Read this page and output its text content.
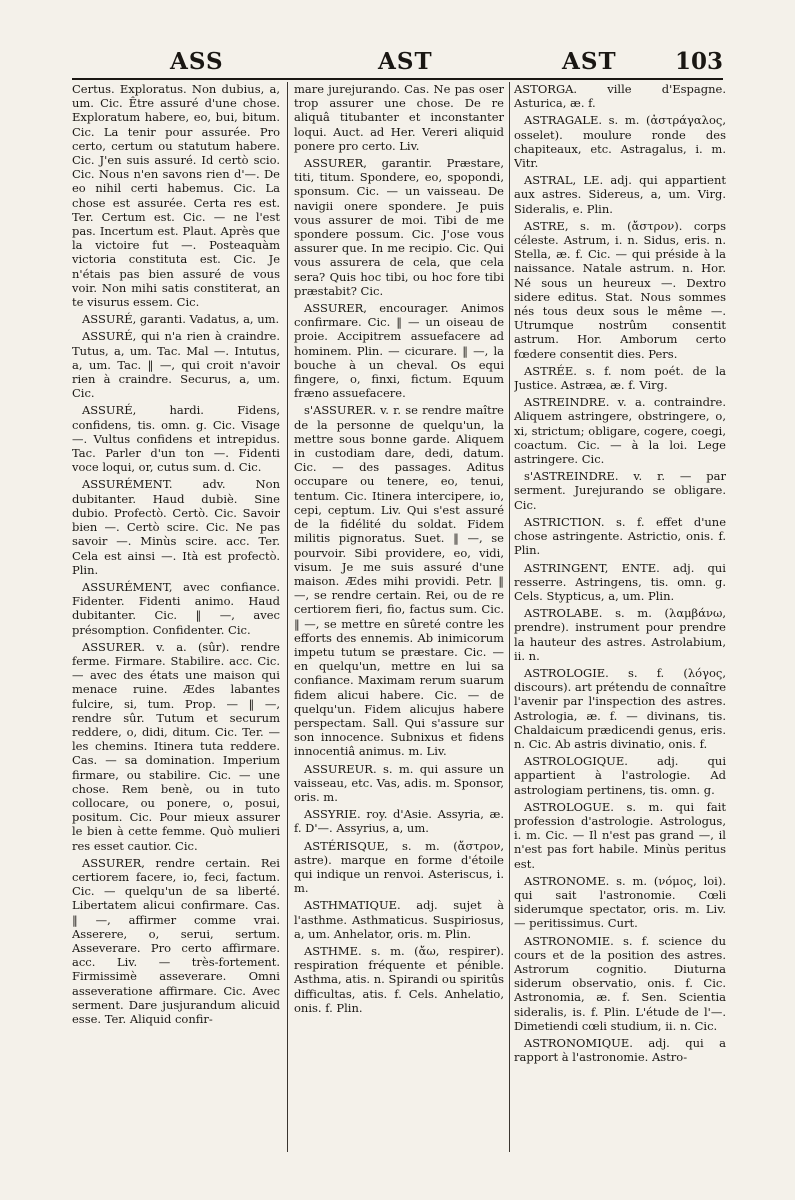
ASS	AST	AST	103

Certus. Exploratus. Non dubius, a, um. Cic. Être assuré d'une chose. Exploratum habere, eo, bui, bitum. Cic. La tenir pour assurée. Pro certo, certum ou statutum habere. Cic. J'en suis assuré. Id certò scio. Cic. Nous n'en savons rien d'—. De eo nihil certi habemus. Cic. La chose est assurée. Certa res est. Ter. Certum est. Cic. — ne l'est pas. Incertum est. Plaut. Après que la victoire fut —. Posteaquàm victoria constituta est. Cic. Je n'étais pas bien assuré de vous voir. Non mihi satis constiterat, an te visurus essem. Cic.

ASSURÉ, garanti. Vadatus, a, um.

ASSURÉ, qui n'a rien à craindre. Tutus, a, um. Tac. Mal —. Intutus, a, um. Tac. ‖ —, qui croit n'avoir rien à craindre. Securus, a, um. Cic.

ASSURÉ, hardi. Fidens, confidens, tis. omn. g. Cic. Visage —. Vultus confidens et intrepidus. Tac. Parler d'un ton —. Fidenti voce loqui, or, cutus sum. d. Cic.

ASSURÉMENT. adv. Non dubitanter. Haud dubiè. Sine dubio. Profectò. Certò. Cic. Savoir bien —. Certò scire. Cic. Ne pas savoir —. Minùs scire. acc. Ter. Cela est ainsi —. Ità est profectò. Plin.

ASSURÉMENT, avec confiance. Fidenter. Fidenti animo. Haud dubitanter. Cic. ‖ —, avec présomption. Confidenter. Cic.

ASSURER. v. a. (sûr). rendre ferme. Firmare. Stabilire. acc. Cic. — avec des états une maison qui menace ruine. Ædes labantes fulcire, si, tum. Prop. — ‖ —, rendre sûr. Tutum et securum reddere, o, didi, ditum. Cic. Ter. — les chemins. Itinera tuta reddere. Cas. — sa domination. Imperium firmare, ou stabilire. Cic. — une chose. Rem benè, ou in tuto collocare, ou ponere, o, posui, positum. Cic. Pour mieux assurer le bien à cette femme. Quò mulieri res esset cautior. Cic.

ASSURER, rendre certain. Rei certiorem facere, io, feci, factum. Cic. — quelqu'un de sa liberté. Libertatem alicui confirmare. Cas. ‖ —, affirmer comme vrai. Asserere, o, serui, sertum. Asseverare. Pro certo affirmare. acc. Liv. — très-fortement. Firmissimè asseverare. Omni asseveratione affirmare. Cic. Avec serment. Dare jusjurandum alicuid esse. Ter. Aliquid confir-

mare jurejurando. Cas. Ne pas oser trop assurer une chose. De re aliquâ titubanter et inconstanter loqui. Auct. ad Her. Vereri aliquid ponere pro certo. Liv.

ASSURER, garantir. Præstare, titi, titum. Spondere, eo, spopondi, sponsum. Cic. — un vaisseau. De navigii onere spondere. Je puis vous assurer de moi. Tibi de me spondere possum. Cic. J'ose vous assurer que. In me recipio. Cic. Qui vous assurera de cela, que cela sera? Quis hoc tibi, ou hoc fore tibi præstabit? Cic.

ASSURER, encourager. Animos confirmare. Cic. ‖ — un oiseau de proie. Accipitrem assuefacere ad hominem. Plin. — cicurare. ‖ —, la bouche à un cheval. Os equi fingere, o, finxi, fictum. Equum fræno assuefacere.

s'ASSURER. v. r. se rendre maître de la personne de quelqu'un, la mettre sous bonne garde. Aliquem in custodiam dare, dedi, datum. Cic. — des passages. Aditus occupare ou tenere, eo, tenui, tentum. Cic. Itinera intercipere, io, cepi, ceptum. Liv. Qui s'est assuré de la fidélité du soldat. Fidem militis pignoratus. Suet. ‖ —, se pourvoir. Sibi providere, eo, vidi, visum. Je me suis assuré d'une maison. Ædes mihi providi. Petr. ‖ —, se rendre certain. Rei, ou de re certiorem fieri, fio, factus sum. Cic. ‖ —, se mettre en sûreté contre les efforts des ennemis. Ab inimicorum impetu tutum se præstare. Cic. — en quelqu'un, mettre en lui sa confiance. Maximam rerum suarum fidem alicui habere. Cic. — de quelqu'un. Fidem alicujus habere perspectam. Sall. Qui s'assure sur son innocence. Subnixus et fidens innocentiâ animus. m. Liv.

ASSUREUR. s. m. qui assure un vaisseau, etc. Vas, adis. m. Sponsor, oris. m.

ASSYRIE. roy. d'Asie. Assyria, æ. f. D'—. Assyrius, a, um.

ASTÉRISQUE, s. m. (ἄστρον, astre). marque en forme d'étoile qui indique un renvoi. Asteriscus, i. m.

ASTHMATIQUE. adj. sujet à l'asthme. Asthmaticus. Suspiriosus, a, um. Anhelator, oris. m. Plin.

ASTHME. s. m. (ἄω, respirer). respiration fréquente et pénible. Asthma, atis. n. Spirandi ou spiritûs difficultas, atis. f. Cels. Anhelatio, onis. f. Plin.

ASTORGA. ville d'Espagne. Asturica, æ. f.

ASTRAGALE. s. m. (ἀστράγαλος, osselet). moulure ronde des chapiteaux, etc. Astragalus, i. m. Vitr.

ASTRAL, LE. adj. qui appartient aux astres. Sidereus, a, um. Virg. Sideralis, e. Plin.

ASTRE, s. m. (ἄστρον). corps céleste. Astrum, i. n. Sidus, eris. n. Stella, æ. f. Cic. — qui préside à la naissance. Natale astrum. n. Hor. Né sous un heureux —. Dextro sidere editus. Stat. Nous sommes nés tous deux sous le même —. Utrumque nostrûm consentit astrum. Hor. Amborum certo fœdere consentit dies. Pers.

ASTRÉE. s. f. nom poét. de la Justice. Astræa, æ. f. Virg.

ASTREINDRE. v. a. contraindre. Aliquem astringere, obstringere, o, xi, strictum; obligare, cogere, coegi, coactum. Cic. — à la loi. Lege astringere. Cic.

s'ASTREINDRE. v. r. — par serment. Jurejurando se obligare. Cic.

ASTRICTION. s. f. effet d'une chose astringente. Astrictio, onis. f. Plin.

ASTRINGENT, ENTE. adj. qui resserre. Astringens, tis. omn. g. Cels. Stypticus, a, um. Plin.

ASTROLABE. s. m. (λαμβάνω, prendre). instrument pour prendre la hauteur des astres. Astrolabium, ii. n.

ASTROLOGIE. s. f. (λόγος, discours). art prétendu de connaître l'avenir par l'inspection des astres. Astrologia, æ. f. — divinans, tis. Chaldaicum prædicendi genus, eris. n. Cic. Ab astris divinatio, onis. f.

ASTROLOGIQUE. adj. qui appartient à l'astrologie. Ad astrologiam pertinens, tis. omn. g.

ASTROLOGUE. s. m. qui fait profession d'astrologie. Astrologus, i. m. Cic. — Il n'est pas grand —, il n'est pas fort habile. Minùs peritus est.

ASTRONOME. s. m. (νόμος, loi). qui sait l'astronomie. Cœli siderumque spectator, oris. m. Liv. — peritissimus. Curt.

ASTRONOMIE. s. f. science du cours et de la position des astres. Astrorum cognitio. Diuturna siderum observatio, onis. f. Cic. Astronomia, æ. f. Sen. Scientia sideralis, is. f. Plin. L'étude de l'—. Dimetiendi cœli studium, ii. n. Cic.

ASTRONOMIQUE. adj. qui a rapport à l'astronomie. Astro-
